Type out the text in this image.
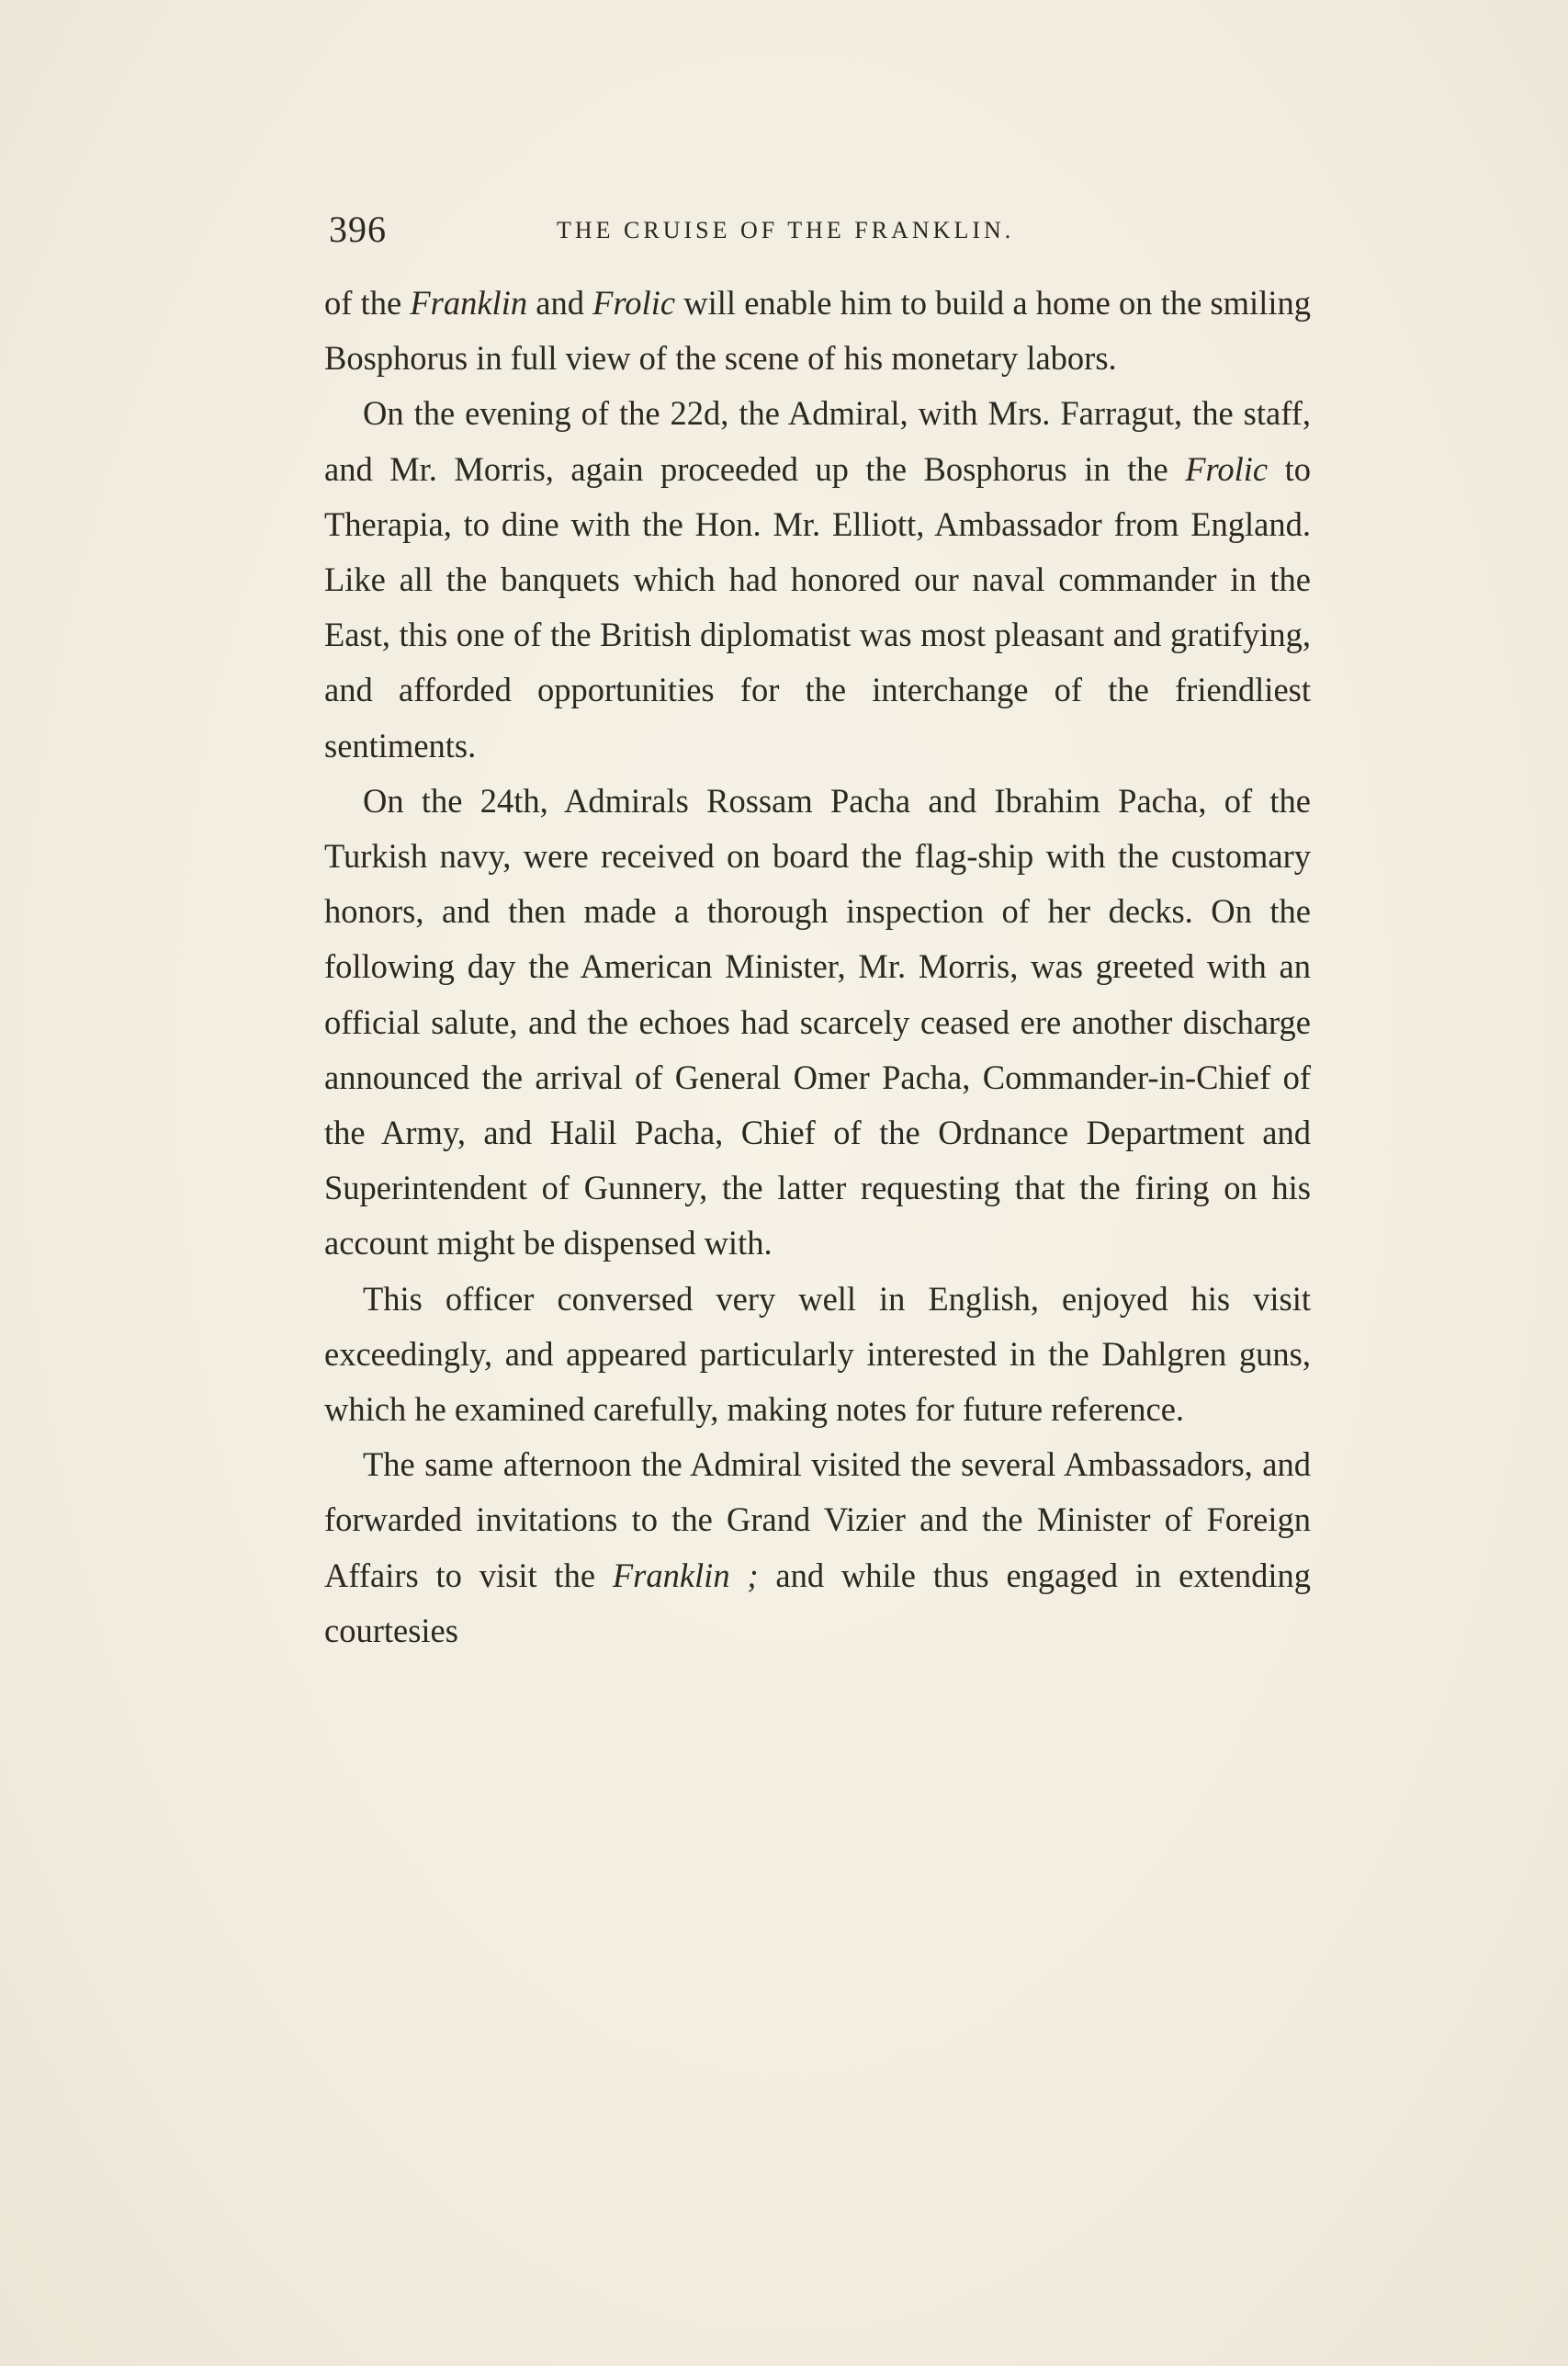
396	THE CRUISE OF THE FRANKLIN.

of the Franklin and Frolic will enable him to build a home on the smiling Bosphorus in full view of the scene of his monetary labors.

On the evening of the 22d, the Admiral, with Mrs. Farragut, the staff, and Mr. Morris, again proceeded up the Bosphorus in the Frolic to Therapia, to dine with the Hon. Mr. Elliott, Ambassador from England. Like all the banquets which had honored our naval commander in the East, this one of the British diplomatist was most pleasant and gratifying, and afforded opportunities for the interchange of the friendliest sentiments.

On the 24th, Admirals Rossam Pacha and Ibrahim Pacha, of the Turkish navy, were received on board the flag-ship with the customary honors, and then made a thorough inspection of her decks. On the following day the American Minister, Mr. Morris, was greeted with an official salute, and the echoes had scarcely ceased ere another discharge announced the arrival of General Omer Pacha, Commander-in-Chief of the Army, and Halil Pacha, Chief of the Ordnance Department and Superintendent of Gunnery, the latter requesting that the firing on his account might be dispensed with.

This officer conversed very well in English, enjoyed his visit exceedingly, and appeared particularly interested in the Dahlgren guns, which he examined carefully, making notes for future reference.

The same afternoon the Admiral visited the several Ambassadors, and forwarded invitations to the Grand Vizier and the Minister of Foreign Affairs to visit the Franklin ; and while thus engaged in extending courtesies
